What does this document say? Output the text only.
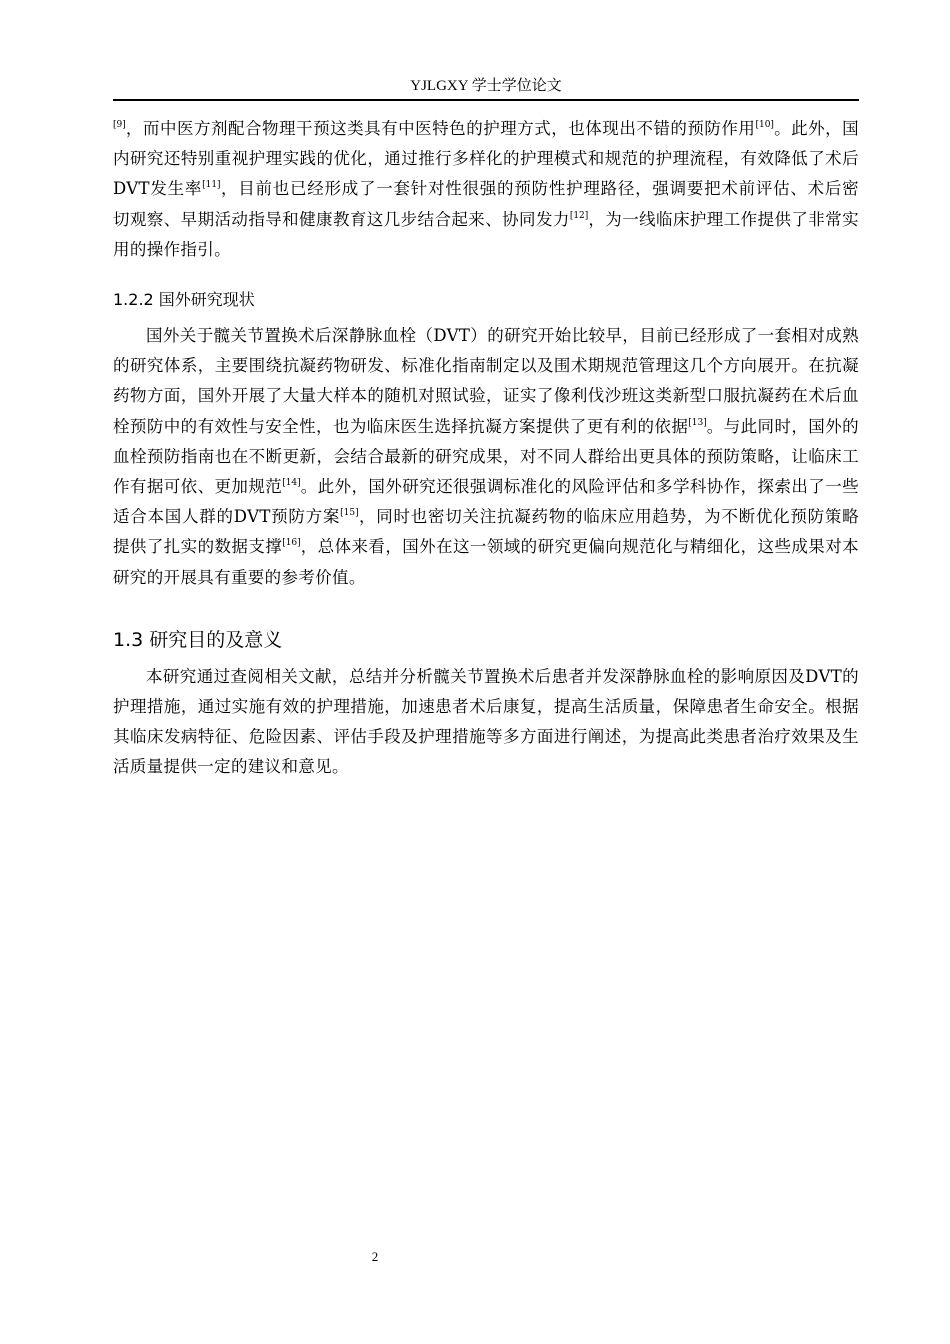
YJLGXY 学士学位论文

[9]，而中医方剂配合物理干预这类具有中医特色的护理方式，也体现出不错的预防作用[10]。此外，国内研究还特别重视护理实践的优化，通过推行多样化的护理模式和规范的护理流程，有效降低了术后DVT发生率[11]，目前也已经形成了一套针对性很强的预防性护理路径，强调要把术前评估、术后密切观察、早期活动指导和健康教育这几步结合起来、协同发力[12]，为一线临床护理工作提供了非常实用的操作指引。

1.2.2 国外研究现状

国外关于髋关节置换术后深静脉血栓（DVT）的研究开始比较早，目前已经形成了一套相对成熟的研究体系，主要围绕抗凝药物研发、标准化指南制定以及围术期规范管理这几个方向展开。在抗凝药物方面，国外开展了大量大样本的随机对照试验，证实了像利伐沙班这类新型口服抗凝药在术后血栓预防中的有效性与安全性，也为临床医生选择抗凝方案提供了更有利的依据[13]。与此同时，国外的血栓预防指南也在不断更新，会结合最新的研究成果，对不同人群给出更具体的预防策略，让临床工作有据可依、更加规范[14]。此外，国外研究还很强调标准化的风险评估和多学科协作，探索出了一些适合本国人群的DVT预防方案[15]，同时也密切关注抗凝药物的临床应用趋势，为不断优化预防策略提供了扎实的数据支撑[16]，总体来看，国外在这一领域的研究更偏向规范化与精细化，这些成果对本研究的开展具有重要的参考价值。

1.3 研究目的及意义

本研究通过查阅相关文献，总结并分析髋关节置换术后患者并发深静脉血栓的影响原因及DVT的护理措施，通过实施有效的护理措施，加速患者术后康复，提高生活质量，保障患者生命安全。根据其临床发病特征、危险因素、评估手段及护理措施等多方面进行阐述，为提高此类患者治疗效果及生活质量提供一定的建议和意见。

2
